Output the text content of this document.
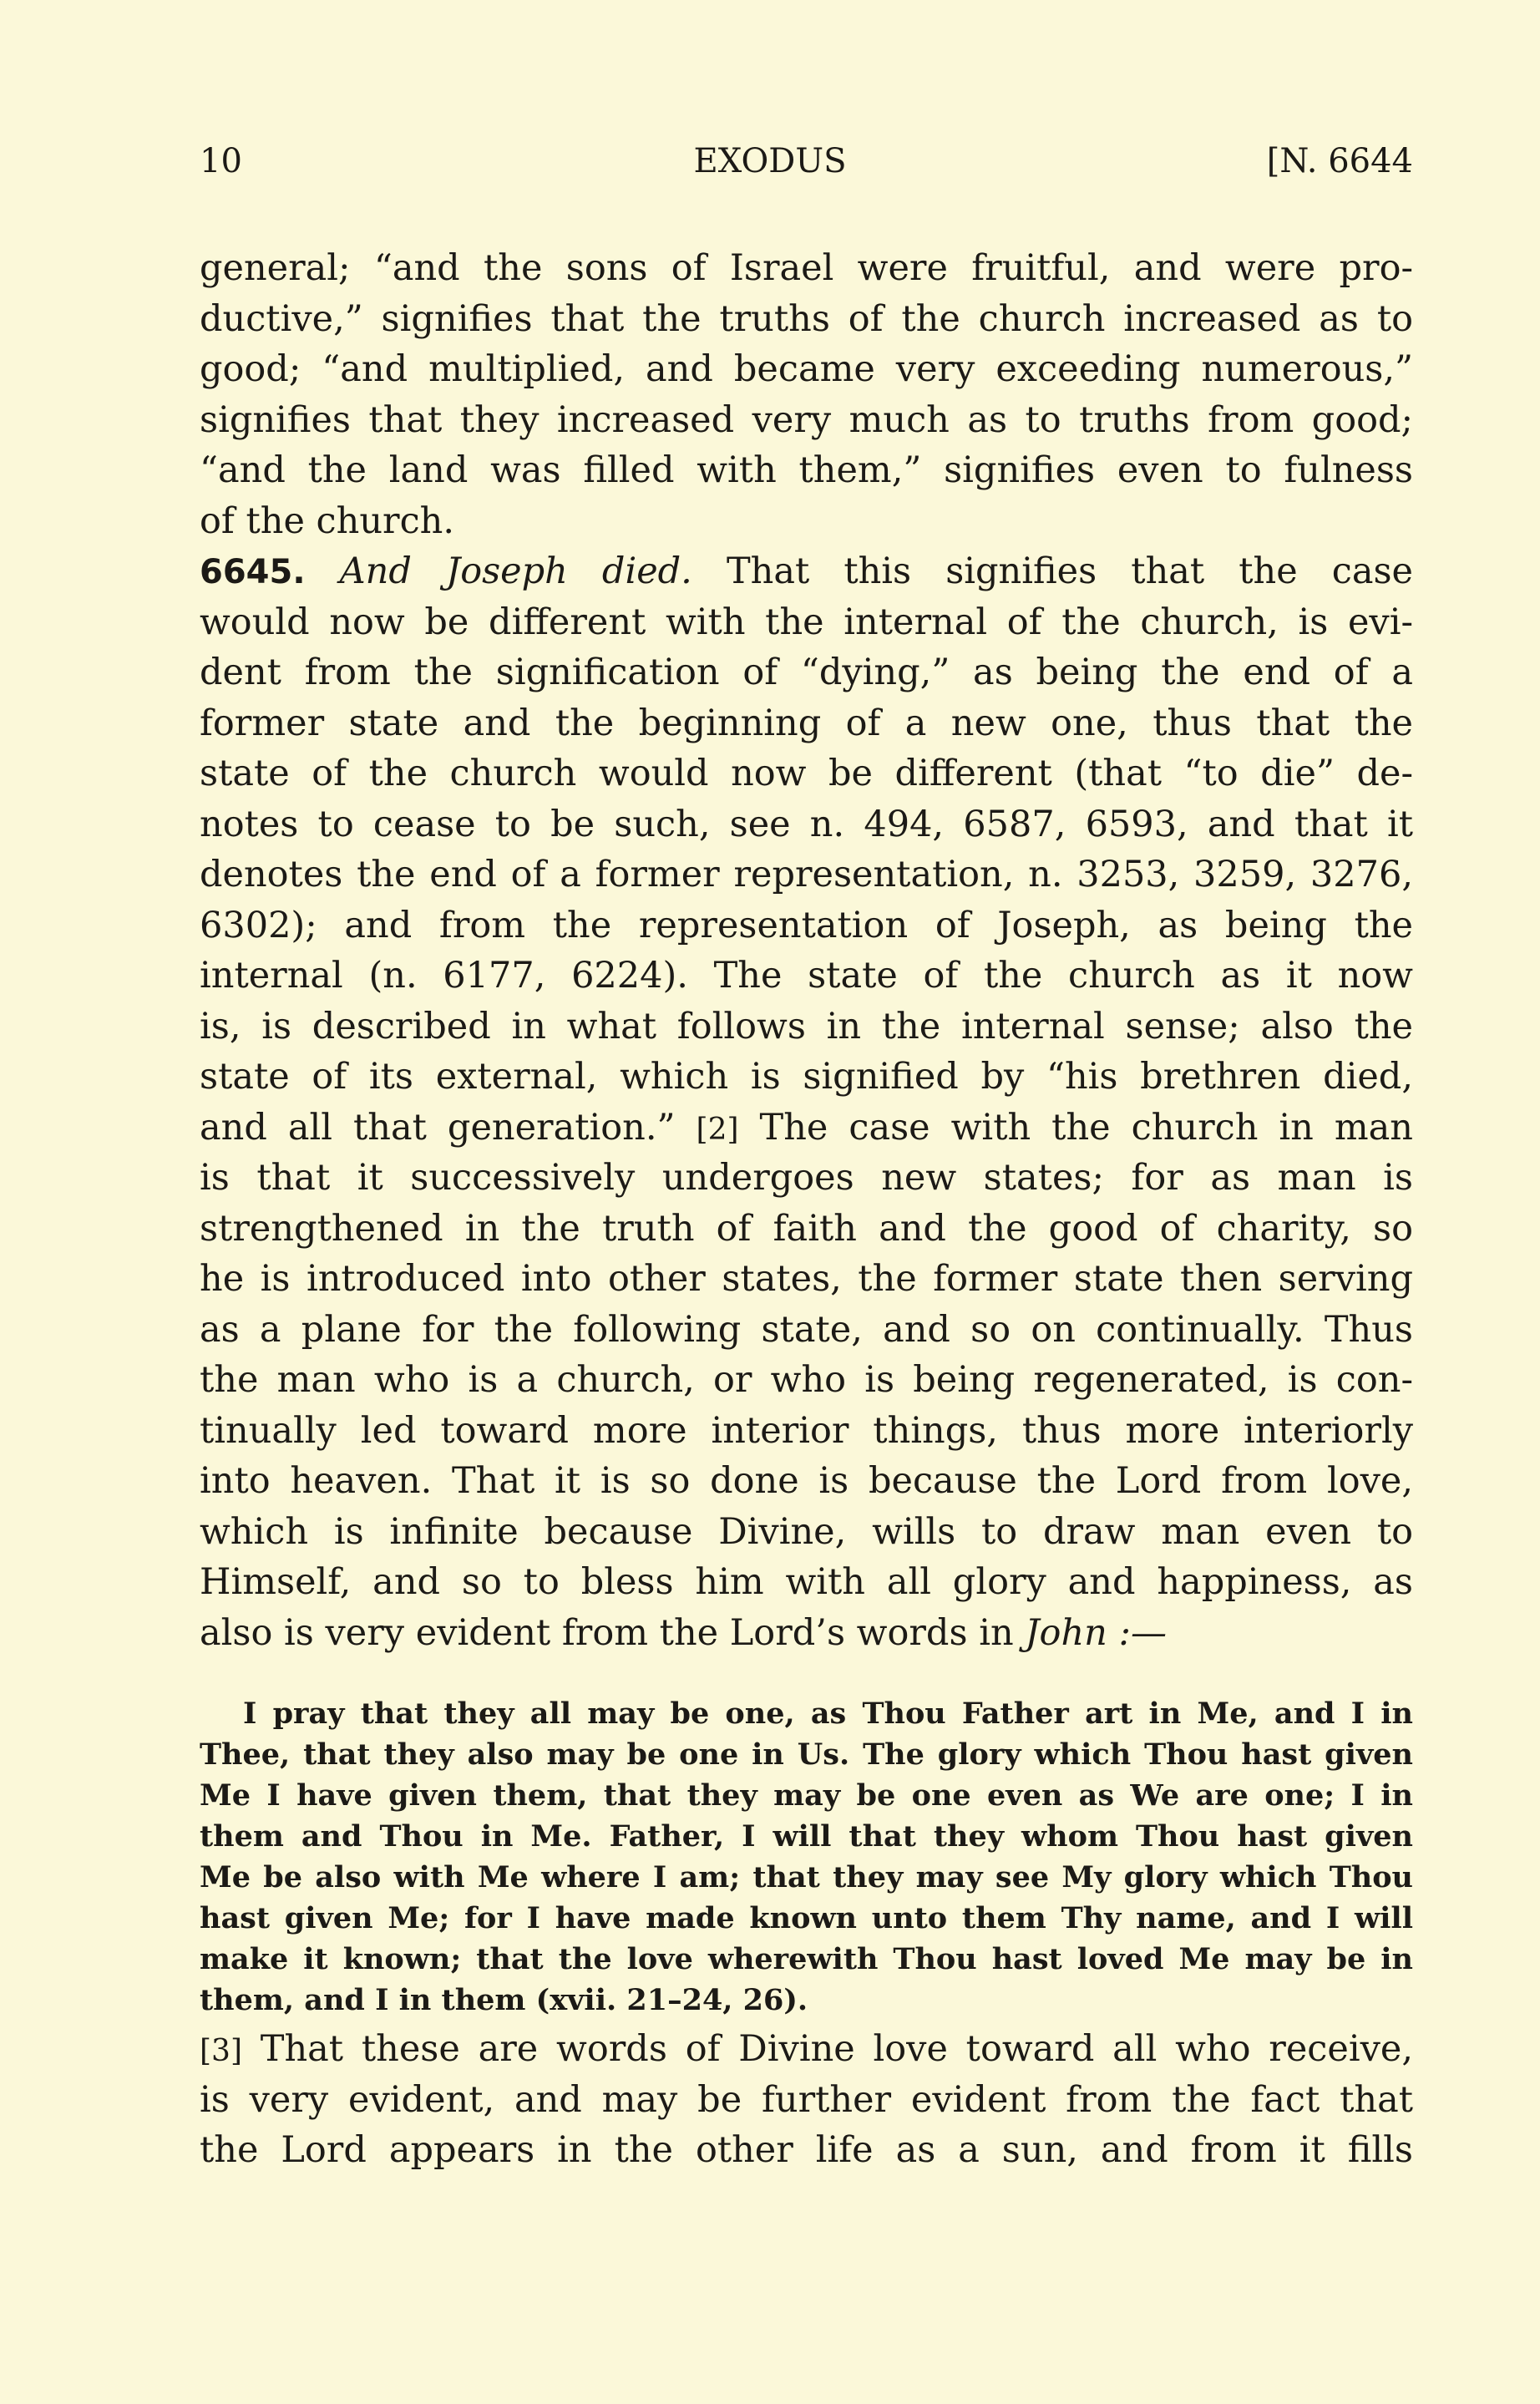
10	EXODUS	[N. 6644
general; “and the sons of Israel were fruitful, and were pro-
ductive,” signifies that the truths of the church increased as to
good; “and multiplied, and became very exceeding numerous,”
signifies that they increased very much as to truths from good;
“and the land was filled with them,” signifies even to fulness
of the church.
6645. And Joseph died. That this signifies that the case
would now be different with the internal of the church, is evi-
dent from the signification of “dying,” as being the end of a
former state and the beginning of a new one, thus that the
state of the church would now be different (that “to die” de-
notes to cease to be such, see n. 494, 6587, 6593, and that it
denotes the end of a former representation, n. 3253, 3259, 3276,
6302); and from the representation of Joseph, as being the
internal (n. 6177, 6224). The state of the church as it now
is, is described in what follows in the internal sense; also the
state of its external, which is signified by “his brethren died,
and all that generation.” [2] The case with the church in man
is that it successively undergoes new states; for as man is
strengthened in the truth of faith and the good of charity, so
he is introduced into other states, the former state then serving
as a plane for the following state, and so on continually. Thus
the man who is a church, or who is being regenerated, is con-
tinually led toward more interior things, thus more interiorly
into heaven. That it is so done is because the Lord from love,
which is infinite because Divine, wills to draw man even to
Himself, and so to bless him with all glory and happiness, as
also is very evident from the Lord’s words in John :—
I pray that they all may be one, as Thou Father art in Me, and I in
Thee, that they also may be one in Us. The glory which Thou hast given
Me I have given them, that they may be one even as We are one; I in
them and Thou in Me. Father, I will that they whom Thou hast given
Me be also with Me where I am; that they may see My glory which Thou
hast given Me; for I have made known unto them Thy name, and I will
make it known; that the love wherewith Thou hast loved Me may be in
them, and I in them (xvii. 21–24, 26).
[3] That these are words of Divine love toward all who receive,
is very evident, and may be further evident from the fact that
the Lord appears in the other life as a sun, and from it fills
